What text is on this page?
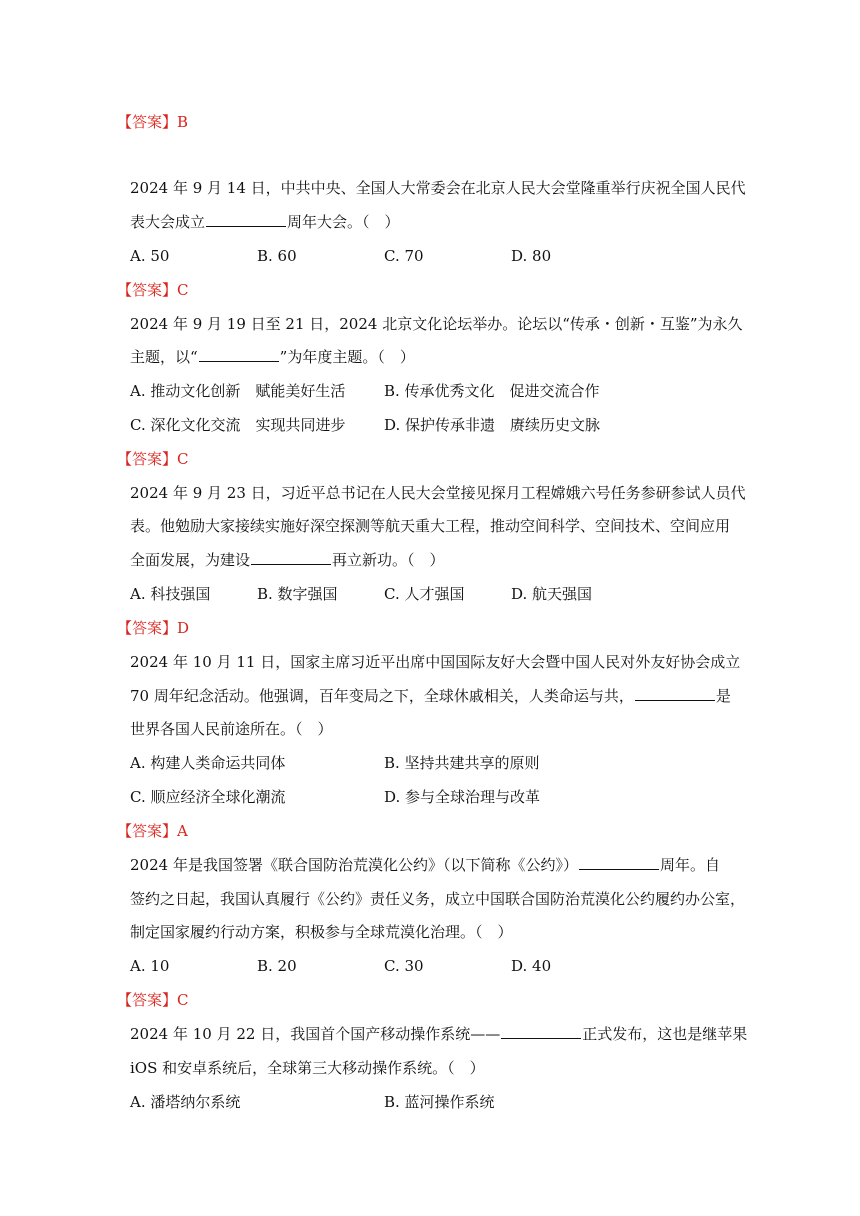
【答案】B
2024 年 9 月 14 日，中共中央、全国人大常委会在北京人民大会堂隆重举行庆祝全国人民代
表大会成立	周年大会。（　）
A. 50	B. 60	C. 70	D. 80
【答案】C
2024 年 9 月 19 日至 21 日，2024 北京文化论坛举办。论坛以“传承・创新・互鉴”为永久
主题，以“	”为年度主题。（　）
A. 推动文化创新　赋能美好生活	B. 传承优秀文化　促进交流合作
C. 深化文化交流　实现共同进步	D. 保护传承非遗　赓续历史文脉
【答案】C
2024 年 9 月 23 日，习近平总书记在人民大会堂接见探月工程嫦娥六号任务参研参试人员代
表。他勉励大家接续实施好深空探测等航天重大工程，推动空间科学、空间技术、空间应用
全面发展，为建设	再立新功。（　）
A. 科技强国	B. 数字强国	C. 人才强国	D. 航天强国
【答案】D
2024 年 10 月 11 日，国家主席习近平出席中国国际友好大会暨中国人民对外友好协会成立
70 周年纪念活动。他强调，百年变局之下，全球休戚相关，人类命运与共，	是
世界各国人民前途所在。（　）
A. 构建人类命运共同体	B. 坚持共建共享的原则
C. 顺应经济全球化潮流	D. 参与全球治理与改革
【答案】A
2024 年是我国签署《联合国防治荒漠化公约》（以下简称《公约》）	周年。自
签约之日起，我国认真履行《公约》责任义务，成立中国联合国防治荒漠化公约履约办公室，
制定国家履约行动方案，积极参与全球荒漠化治理。（　）
A. 10	B. 20	C. 30	D. 40
【答案】C
2024 年 10 月 22 日，我国首个国产移动操作系统——	正式发布，这也是继苹果
iOS 和安卓系统后，全球第三大移动操作系统。（　）
A. 潘塔纳尔系统	B. 蓝河操作系统
